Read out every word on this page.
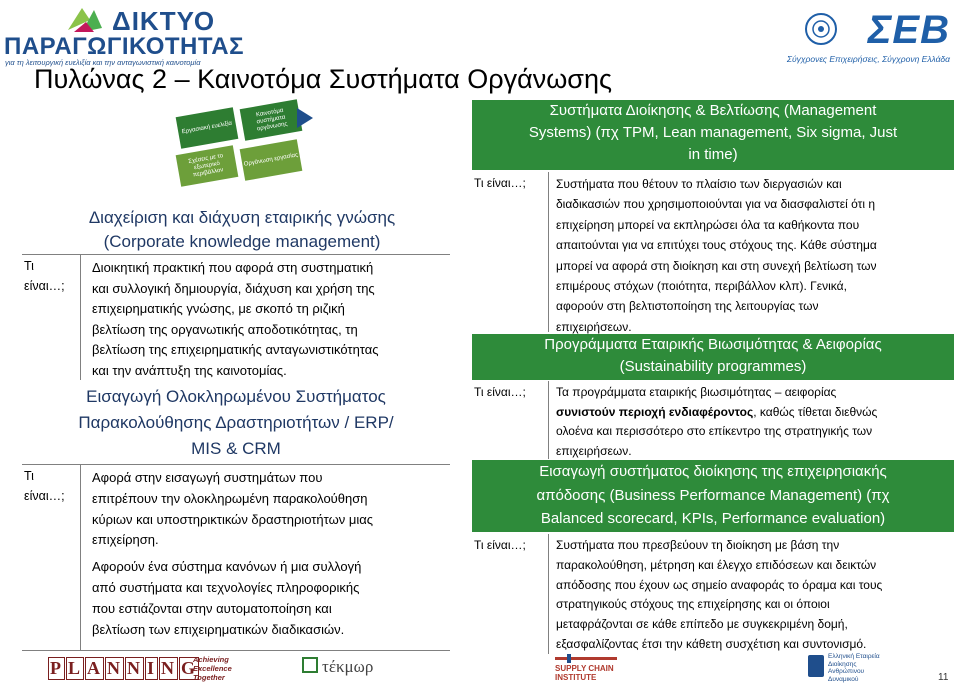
ΔΙΚΤΥΟ
ΠΑΡΑΓΩΓΙΚΟΤΗΤΑΣ
για τη λειτουργική ευελιξία και την ανταγωνιστική καινοτομία
ΣΕΒ
Σύγχρονες Επιχειρήσεις, Σύγχρονη Ελλάδα
Πυλώνας 2 – Καινοτόμα Συστήματα Οργάνωσης
Εργασιακή ευελιξία
Καινοτόμα συστήματα οργάνωσης
Σχέσεις με το εξωτερικό περιβάλλον
Οργάνωση εργασίας
Διαχείριση και διάχυση εταιρικής γνώσης
(Corporate knowledge management)
Τι
είναι…;
Διοικητική πρακτική που αφορά στη συστηματική
και συλλογική δημιουργία, διάχυση και χρήση της
επιχειρηματικής γνώσης, με σκοπό τη ριζική
βελτίωση της οργανωτικής αποδοτικότητας, τη
βελτίωση της επιχειρηματικής ανταγωνιστικότητας
και την ανάπτυξη της καινοτομίας.
Εισαγωγή Ολοκληρωμένου Συστήματος
Παρακολούθησης Δραστηριοτήτων / ERP/
MIS & CRM
Τι
είναι…;
Αφορά στην εισαγωγή συστημάτων που
επιτρέπουν την ολοκληρωμένη παρακολούθηση
κύριων και υποστηρικτικών δραστηριοτήτων μιας
επιχείρηση.
Αφορούν ένα σύστημα κανόνων ή μια συλλογή
από συστήματα και τεχνολογίες πληροφορικής
που εστιάζονται στην αυτοματοποίηση και
βελτίωση των επιχειρηματικών διαδικασιών.
Συστήματα Διοίκησης & Βελτίωσης (Management
Systems) (πχ TPM, Lean management, Six sigma, Just
in time)
Τι είναι…;	Συστήματα που θέτουν το πλαίσιο των διεργασιών και
διαδικασιών που χρησιμοποιούνται για να διασφαλιστεί ότι η
επιχείρηση μπορεί να εκπληρώσει όλα τα καθήκοντα που
απαιτούνται για να επιτύχει τους στόχους της. Κάθε σύστημα
μπορεί να αφορά στη διοίκηση και στη συνεχή βελτίωση των
επιμέρους στόχων (ποιότητα, περιβάλλον κλπ). Γενικά,
αφορούν στη βελτιστοποίηση της λειτουργίας των
επιχειρήσεων.
Προγράμματα Εταιρικής Βιωσιμότητας & Αειφορίας
(Sustainability programmes)
Τι είναι…;	Τα προγράμματα εταιρικής βιωσιμότητας – αειφορίας
συνιστούν περιοχή ενδιαφέροντος, καθώς τίθεται διεθνώς
ολοένα και περισσότερο στο επίκεντρο της στρατηγικής των
επιχειρήσεων.
Εισαγωγή συστήματος διοίκησης της επιχειρησιακής
απόδοσης (Business Performance Management) (πχ
Balanced scorecard, KPIs, Performance evaluation)
Τι είναι…;	Συστήματα που πρεσβεύουν τη διοίκηση με βάση την
παρακολούθηση, μέτρηση και έλεγχο επιδόσεων και δεικτών
απόδοσης που έχουν ως σημείο αναφοράς το όραμα και τους
στρατηγικούς στόχους της επιχείρησης και οι όποιοι
μεταφράζονται σε κάθε επίπεδο με συγκεκριμένη δομή,
εξασφαλίζοντας έτσι την κάθετη συσχέτιση και συντονισμό.
P L A N N I N G
Achieving
Excellence
Together
τέκμωρ	SUPPLY CHAIN
INSTITUTE
Ελληνική Εταιρεία
Διοίκησης
Ανθρώπινου
Δυναμικού	11
